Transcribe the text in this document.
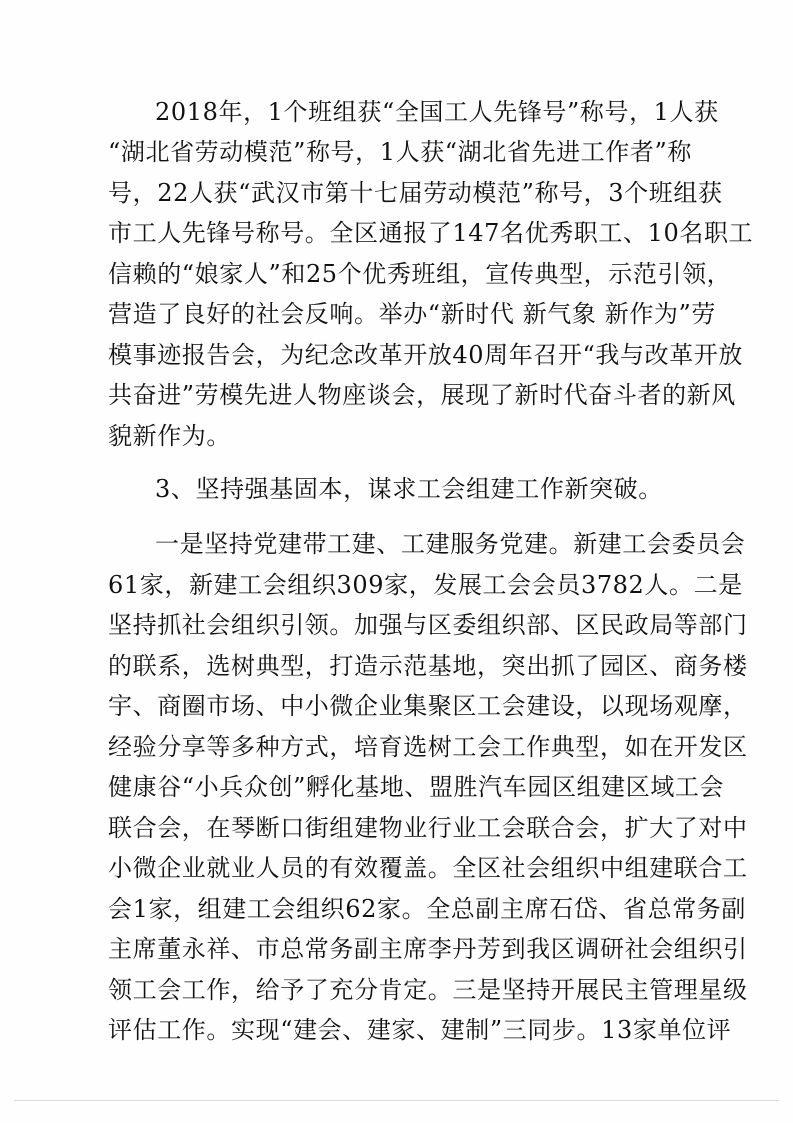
2018年，1个班组获“全国工人先锋号”称号，1人获
“湖北省劳动模范”称号，1人获“湖北省先进工作者”称
号，22人获“武汉市第十七届劳动模范”称号，3个班组获
市工人先锋号称号。全区通报了147名优秀职工、10名职工
信赖的“娘家人”和25个优秀班组，宣传典型，示范引领，
营造了良好的社会反响。举办“新时代 新气象 新作为”劳
模事迹报告会，为纪念改革开放40周年召开“我与改革开放
共奋进”劳模先进人物座谈会，展现了新时代奋斗者的新风
貌新作为。
3、坚持强基固本，谋求工会组建工作新突破。
一是坚持党建带工建、工建服务党建。新建工会委员会
61家，新建工会组织309家，发展工会会员3782人。二是
坚持抓社会组织引领。加强与区委组织部、区民政局等部门
的联系，选树典型，打造示范基地，突出抓了园区、商务楼
宇、商圈市场、中小微企业集聚区工会建设，以现场观摩，
经验分享等多种方式，培育选树工会工作典型，如在开发区
健康谷“小兵众创”孵化基地、盟胜汽车园区组建区域工会
联合会，在琴断口街组建物业行业工会联合会，扩大了对中
小微企业就业人员的有效覆盖。全区社会组织中组建联合工
会1家，组建工会组织62家。全总副主席石岱、省总常务副
主席董永祥、市总常务副主席李丹芳到我区调研社会组织引
领工会工作，给予了充分肯定。三是坚持开展民主管理星级
评估工作。实现“建会、建家、建制”三同步。13家单位评
